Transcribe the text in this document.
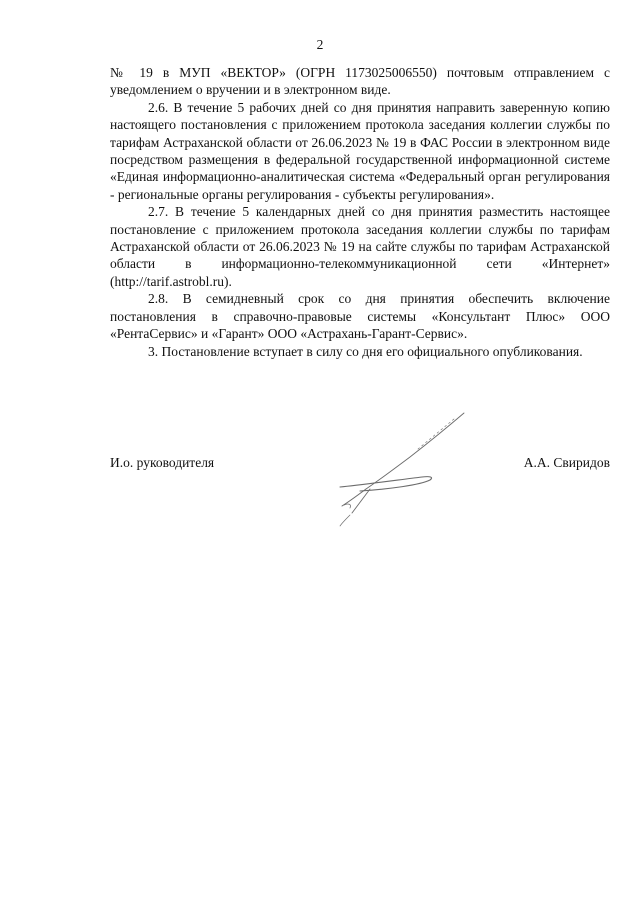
2

№ 19 в МУП «ВЕКТОР» (ОГРН 1173025006550) почтовым отправлением с уведомлением о вручении и в электронном виде.

2.6. В течение 5 рабочих дней со дня принятия направить заверенную копию настоящего постановления с приложением протокола заседания коллегии службы по тарифам Астраханской области от 26.06.2023 № 19 в ФАС России в электронном виде посредством размещения в федеральной государственной информационной системе «Единая информационно-аналитическая система «Федеральный орган регулирования - региональные органы регулирования - субъекты регулирования».

2.7. В течение 5 календарных дней со дня принятия разместить настоящее постановление с приложением протокола заседания коллегии службы по тарифам Астраханской области от 26.06.2023 № 19 на сайте службы по тарифам Астраханской области в информационно-телекоммуникационной сети «Интернет» (http://tarif.astrobl.ru).

2.8. В семидневный срок со дня принятия обеспечить включение постановления в справочно-правовые системы «Консультант Плюс» ООО «РентаСервис» и «Гарант» ООО «Астрахань-Гарант-Сервис».

3. Постановление вступает в силу со дня его официального опубликования.

И.о. руководителя	А.А. Свиридов
